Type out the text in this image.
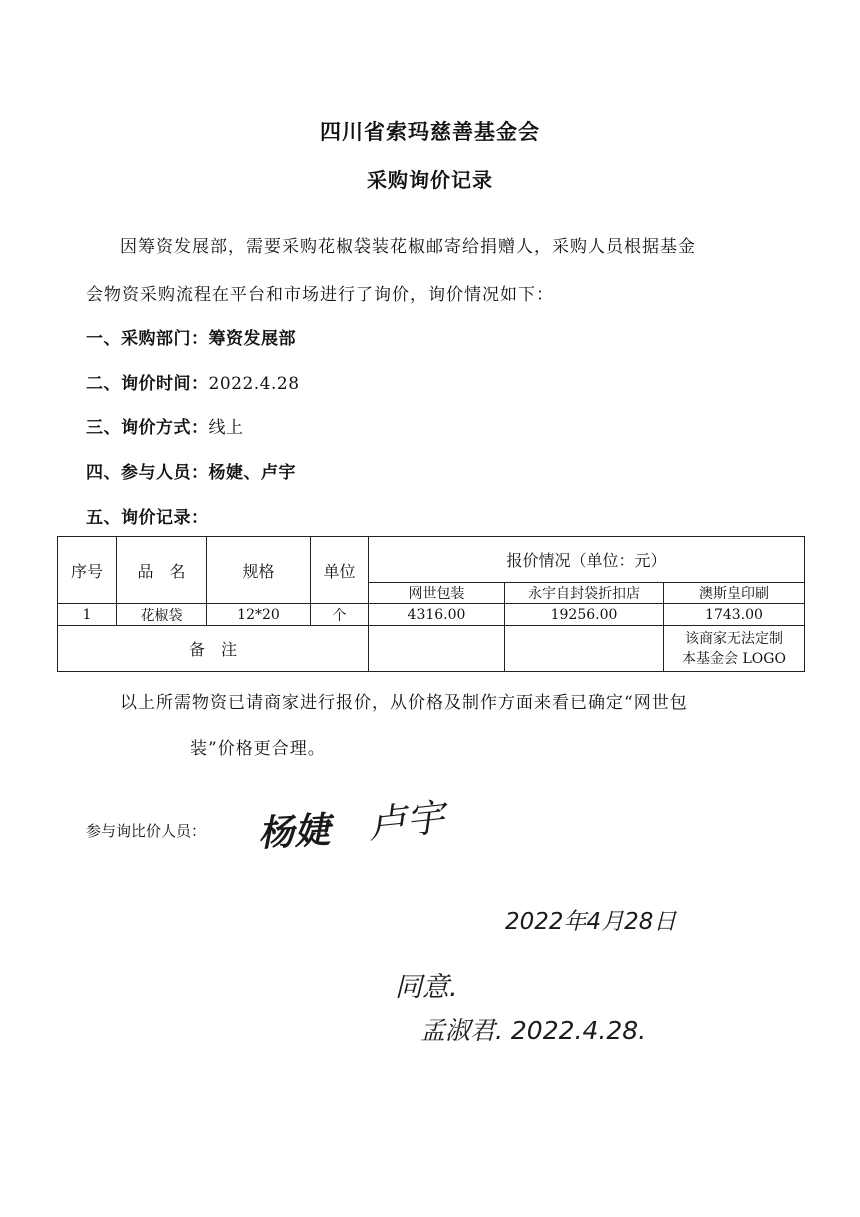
四川省索玛慈善基金会
采购询价记录
因筹资发展部，需要采购花椒袋装花椒邮寄给捐赠人，采购人员根据基金
会物资采购流程在平台和市场进行了询价，询价情况如下：
一、采购部门：筹资发展部
二、询价时间：2022.4.28
三、询价方式：线上
四、参与人员：杨婕、卢宇
五、询价记录：
序号	品　名	规格	单位	报价情况（单位：元）		
				网世包装	永宇自封袋折扣店	澳斯皇印刷
1	花椒袋	12*20	个	4316.00	19256.00	1743.00
备　注						该商家无法定制
本基金会 LOGO
以上所需物资已请商家进行报价，从价格及制作方面来看已确定“网世包
装”价格更合理。
参与询比价人员： 杨婕 卢宇
2022年4月28日
同意.
孟淑君. 2022.4.28.
